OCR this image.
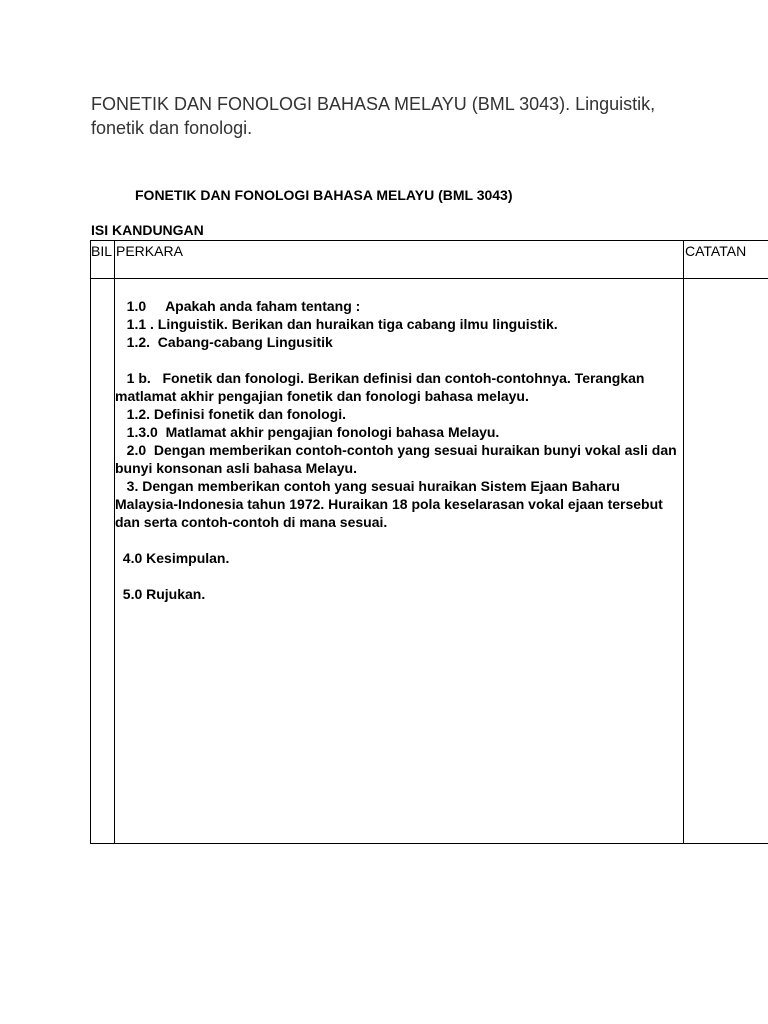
FONETIK DAN FONOLOGI BAHASA MELAYU (BML 3043). Linguistik, fonetik dan fonologi.
FONETIK DAN FONOLOGI BAHASA MELAYU (BML 3043)
ISI KANDUNGAN
BIL PERKARA	CATATAN

1.0     Apakah anda faham tentang :

1.1 . Linguistik. Berikan dan huraikan tiga cabang ilmu linguistik.

1.2.  Cabang-cabang Lingusitik

1 b.   Fonetik dan fonologi. Berikan definisi dan contoh-contohnya. Terangkan matlamat akhir pengajian fonetik dan fonologi bahasa melayu.

1.2. Definisi fonetik dan fonologi.

1.3.0  Matlamat akhir pengajian fonologi bahasa Melayu.

2.0  Dengan memberikan contoh-contoh yang sesuai huraikan bunyi vokal asli dan bunyi konsonan asli bahasa Melayu.

3. Dengan memberikan contoh yang sesuai huraikan Sistem Ejaan Baharu Malaysia-Indonesia tahun 1972. Huraikan 18 pola keselarasan vokal ejaan tersebut dan serta contoh-contoh di mana sesuai.

4.0 Kesimpulan.

5.0 Rujukan.
